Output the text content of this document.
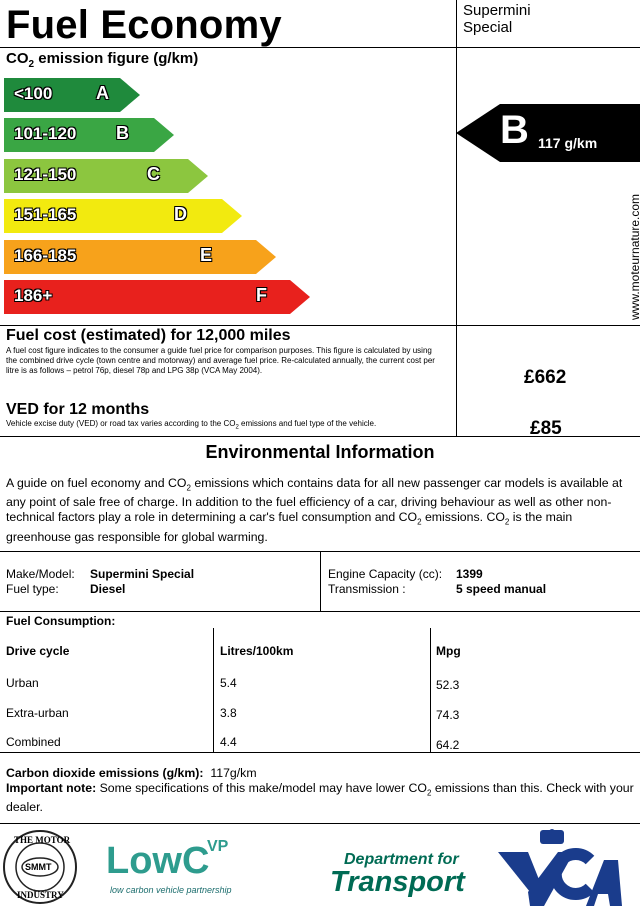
Fuel Economy	Supermini
Special
$CO_2$ emission figure (g/km)
<100 A
101-120 B
121-150	C
151-165	D
166-185	E
186+	F
B 117 g/km
www.moteurnature.com
Fuel cost (estimated) for 12,000 miles
A fuel cost figure indicates to the consumer a guide fuel price for comparison purposes. This figure is calculated by using the combined drive cycle (town centre and motorway) and average fuel price. Re-calculated annually, the current cost per litre is as follows – petrol 76p, diesel 78p and LPG 38p (VCA May 2004).	£662
VED for 12 months
Vehicle excise duty (VED) or road tax varies according to the $CO_2$ emissions and fuel type of the vehicle.	£85
Environmental Information
A guide on fuel economy and $CO_2$ emissions which contains data for all new passenger car models is available at any point of sale free of charge. In addition to the fuel efficiency of a car, driving behaviour as well as other non-technical factors play a role in determining a car's fuel consumption and $CO_2$ emissions. $CO_2$ is the main greenhouse gas responsible for global warming.
Make/Model: Supermini Special
Fuel type:	Diesel
Engine Capacity (cc): 1399
Transmission :	5 speed manual
Fuel Consumption:
Drive cycle	Litres/100km	Mpg
Urban	5.4	52.3
Extra-urban	3.8	74.3
Combined	4.4	64.2
Carbon dioxide emissions (g/km): 117g/km
Important note: Some specifications of this make/model may have lower $CO_2$ emissions than this. Check with your dealer.
THE MOTOR
SMMT
INDUSTRY
LowC
VP
low carbon vehicle partnership
Department for
Transport
